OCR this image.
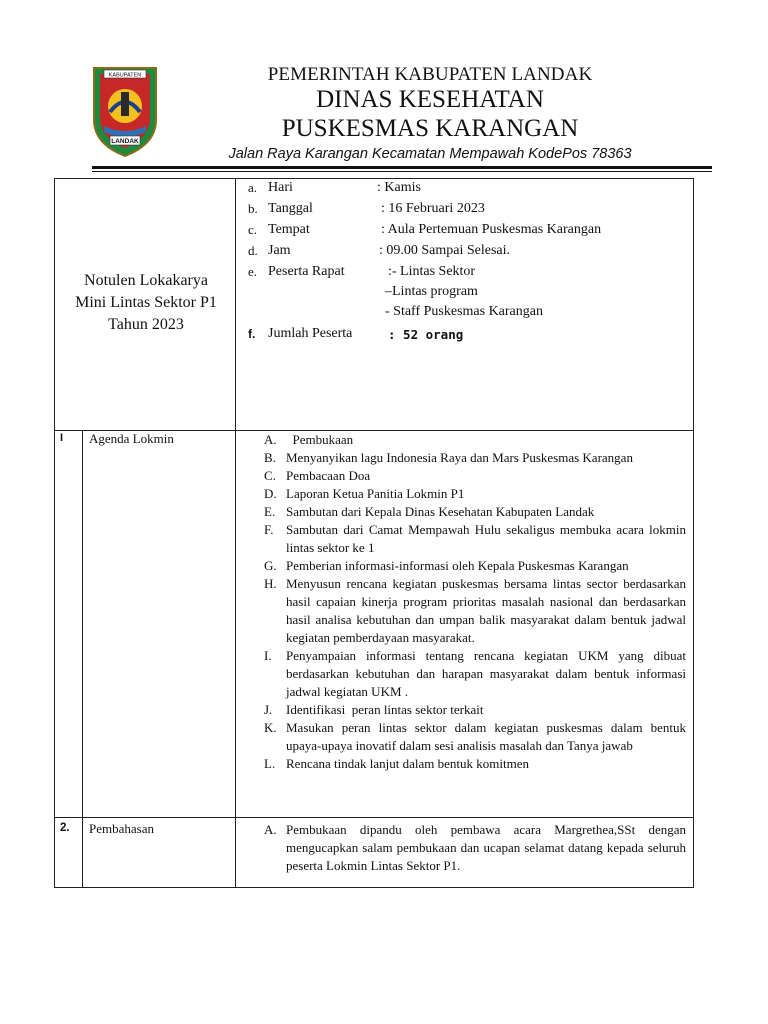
KABUPATEN
LANDAK
PEMERINTAH KABUPATEN LANDAK
DINAS KESEHATAN
PUSKESMAS KARANGAN
Jalan Raya Karangan Kecamatan Mempawah KodePos 78363
Notulen Lokakarya
Mini Lintas Sektor P1
Tahun 2023
a. Hari	: Kamis
b. Tanggal	: 16 Februari 2023
c. Tempat	: Aula Pertemuan Puskesmas Karangan
d. Jam	: 09.00 Sampai Selesai.
e. Peserta Rapat	:- Lintas Sektor
–Lintas program
- Staff Puskesmas Karangan
f. Jumlah Peserta	: 52 orang
I Agenda Lokmin	A. Pembukaan
B. Menyanyikan lagu Indonesia Raya dan Mars Puskesmas Karangan
C. Pembacaan Doa
D. Laporan Ketua Panitia Lokmin P1
E. Sambutan dari Kepala Dinas Kesehatan Kabupaten Landak
F. Sambutan dari Camat Mempawah Hulu sekaligus membuka acara lokmin lintas sektor ke 1
G. Pemberian informasi-informasi oleh Kepala Puskesmas Karangan
H. Menyusun rencana kegiatan puskesmas bersama lintas sector berdasarkan hasil capaian kinerja program prioritas masalah nasional dan berdasarkan hasil analisa kebutuhan dan umpan balik masyarakat dalam bentuk jadwal kegiatan pemberdayaan masyarakat.
I. Penyampaian informasi tentang rencana kegiatan UKM yang dibuat berdasarkan kebutuhan dan harapan masyarakat dalam bentuk informasi jadwal kegiatan UKM .
J. Identifikasi  peran lintas sektor terkait
K. Masukan peran lintas sektor dalam kegiatan puskesmas dalam bentuk upaya-upaya inovatif dalam sesi analisis masalah dan Tanya jawab
L. Rencana tindak lanjut dalam bentuk komitmen
2. Pembahasan	A. Pembukaan dipandu oleh pembawa acara Margrethea,SSt dengan mengucapkan salam pembukaan dan ucapan selamat datang kepada seluruh peserta Lokmin Lintas Sektor P1.
